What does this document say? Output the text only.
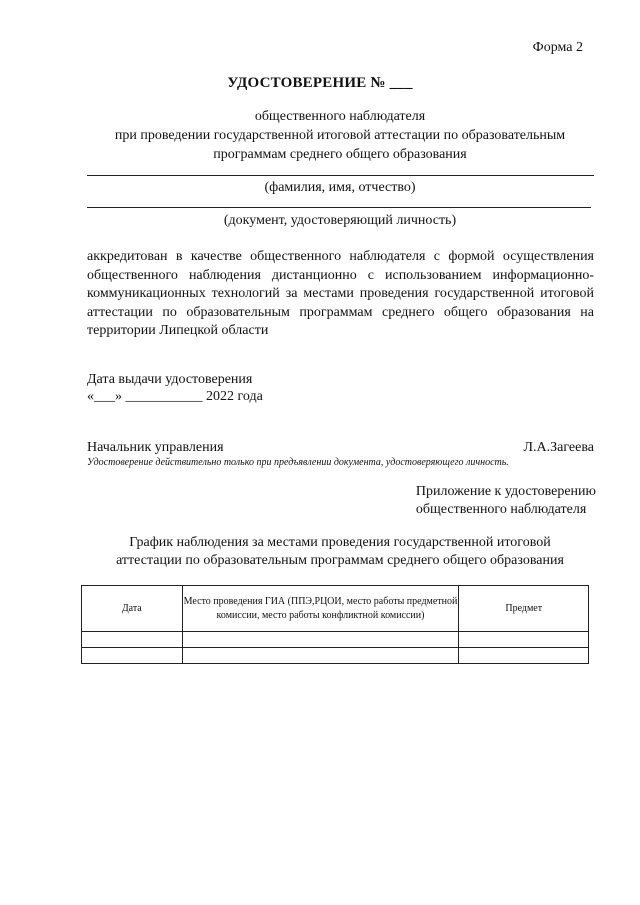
Форма 2
УДОСТОВЕРЕНИЕ № ___
общественного наблюдателя
при проведении государственной итоговой аттестации по образовательным
программам среднего общего образования
(фамилия, имя, отчество)
(документ, удостоверяющий личность)
аккредитован в качестве общественного наблюдателя с формой осуществления общественного наблюдения дистанционно с использованием информационно-коммуникационных технологий за местами проведения государственной итоговой аттестации по образовательным программам среднего общего образования на территории Липецкой области
Дата выдачи удостоверения
«___» ___________ 2022 года
Начальник управления	Л.А.Загеева
Удостоверение действительно только при предъявлении документа, удостоверяющего личность.
Приложение к удостоверению
общественного наблюдателя
График наблюдения за местами проведения государственной итоговой
аттестации по образовательным программам среднего общего образования
Дата	Место проведения ГИА (ППЭ,РЦОИ, место работы предметной комиссии, место работы конфликтной комиссии)	Предмет
